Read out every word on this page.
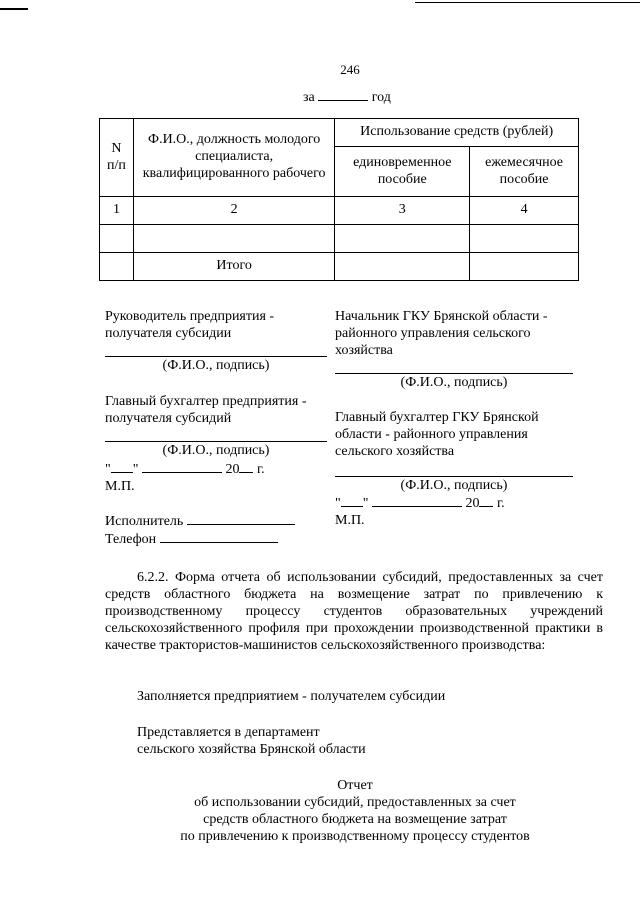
246
за	год
N
п/п	Ф.И.О., должность молодого специалиста, квалифицированного рабочего	Использование средств (рублей)	
		единовременное пособие	ежемесячное пособие
1	2	3	4

	Итого		
Руководитель предприятия - получателя субсидии
(Ф.И.О., подпись)
Главный бухгалтер предприятия - получателя субсидий
(Ф.И.О., подпись)
" "	20 г.
М.П.
Исполнитель
Телефон
Начальник ГКУ Брянской области - районного управления сельского хозяйства
(Ф.И.О., подпись)
Главный бухгалтер ГКУ Брянской области - районного управления сельского хозяйства
(Ф.И.О., подпись)
" "	20 г.
М.П.
6.2.2. Форма отчета об использовании субсидий, предоставленных за счет средств областного бюджета на возмещение затрат по привлечению к производственному процессу студентов образовательных учреждений сельскохозяйственного профиля при прохождении производственной практики в качестве трактористов-машинистов сельскохозяйственного производства:
Заполняется предприятием - получателем субсидии
Представляется в департамент
сельского хозяйства Брянской области
Отчет
об использовании субсидий, предоставленных за счет
средств областного бюджета на возмещение затрат
по привлечению к производственному процессу студентов
